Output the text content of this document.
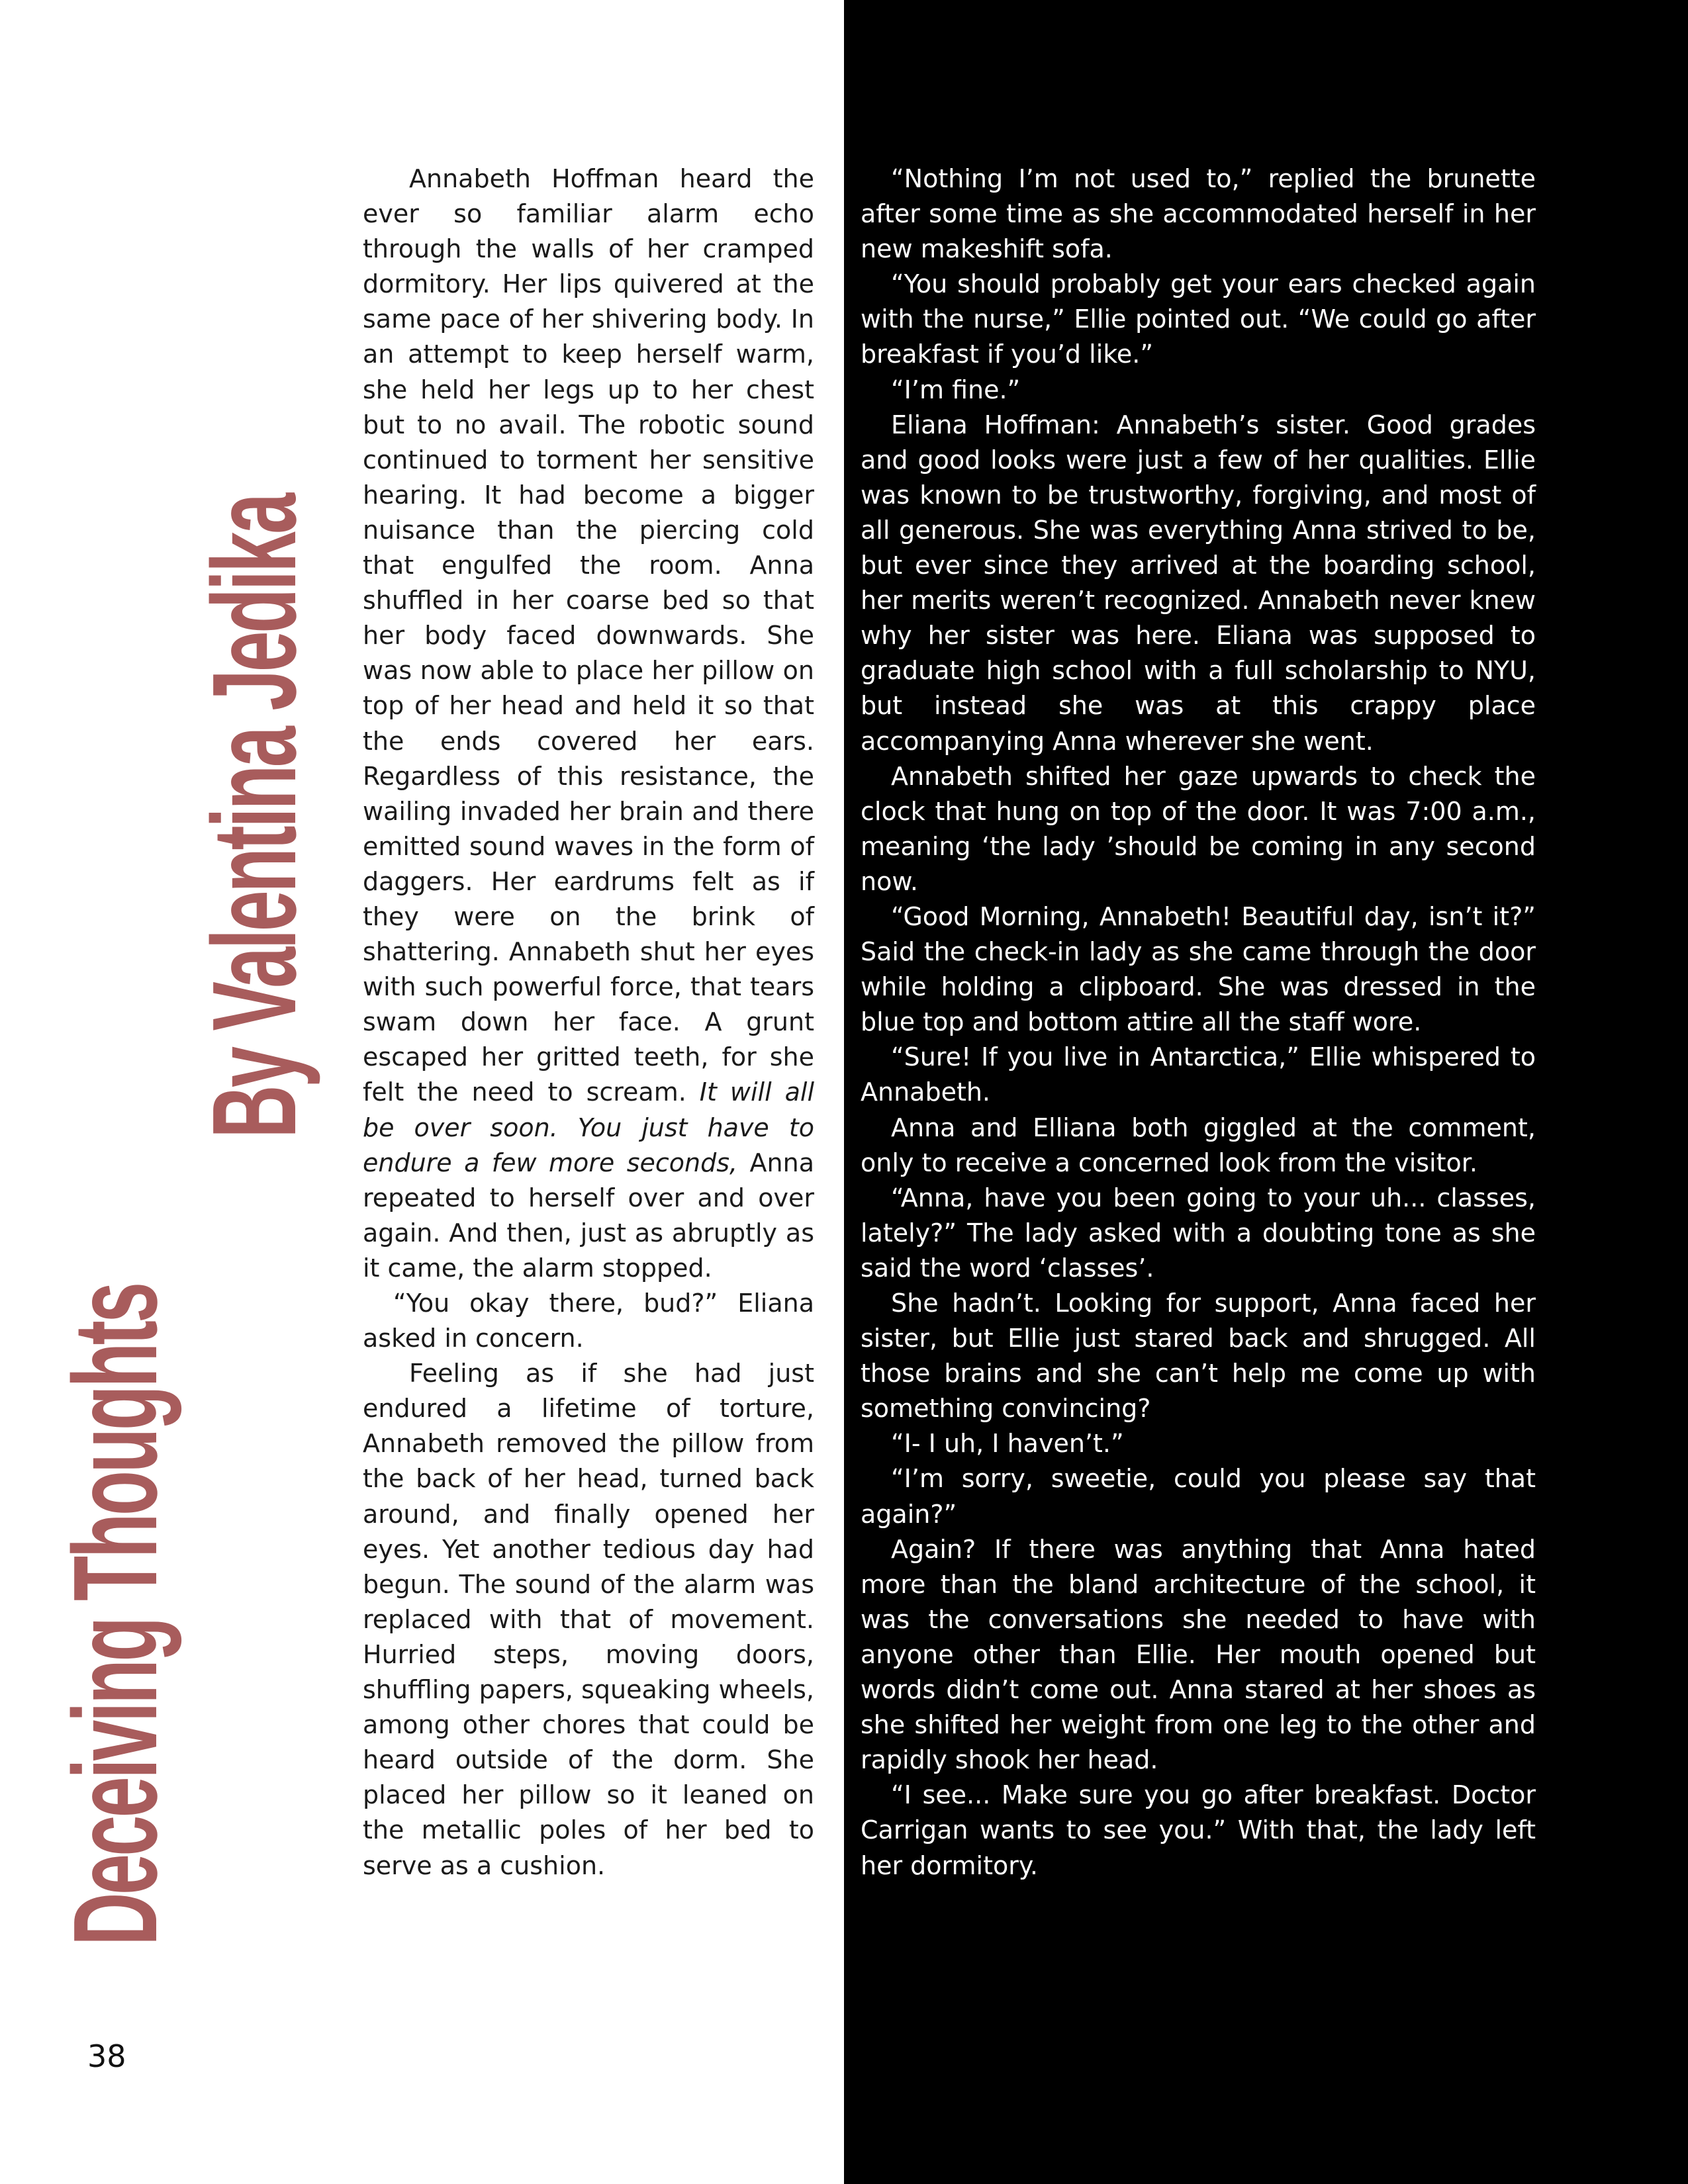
Deceiving Thoughts
By Valentina Jedika

Annabeth Hoffman heard the ever so familiar alarm echo through the walls of her cramped dormitory. Her lips quivered at the same pace of her shivering body. In an attempt to keep herself warm, she held her legs up to her chest but to no avail. The robotic sound continued to torment her sensitive hearing. It had become a bigger nuisance than the piercing cold that engulfed the room. Anna shuffled in her coarse bed so that her body faced downwards. She was now able to place her pillow on top of her head and held it so that the ends covered her ears. Regardless of this resistance, the wailing invaded her brain and there emitted sound waves in the form of daggers. Her eardrums felt as if they were on the brink of shattering. Annabeth shut her eyes with such powerful force, that tears swam down her face. A grunt escaped her gritted teeth, for she felt the need to scream. It will all be over soon. You just have to endure a few more seconds, Anna repeated to herself over and over again. And then, just as abruptly as it came, the alarm stopped.

“You okay there, bud?” Eliana asked in concern.

Feeling as if she had just endured a lifetime of torture, Annabeth removed the pillow from the back of her head, turned back around, and finally opened her eyes. Yet another tedious day had begun. The sound of the alarm was replaced with that of movement. Hurried steps, moving doors, shuffling papers, squeaking wheels, among other chores that could be heard outside of the dorm. She placed her pillow so it leaned on the metallic poles of her bed to serve as a cushion.

“Nothing I’m not used to,” replied the brunette after some time as she accommodated herself in her new makeshift sofa.

“You should probably get your ears checked again with the nurse,” Ellie pointed out. “We could go after breakfast if you’d like.”

“I’m fine.”

Eliana Hoffman: Annabeth’s sister. Good grades and good looks were just a few of her qualities. Ellie was known to be trustworthy, forgiving, and most of all generous. She was everything Anna strived to be, but ever since they arrived at the boarding school, her merits weren’t recognized. Annabeth never knew why her sister was here. Eliana was supposed to graduate high school with a full scholarship to NYU, but instead she was at this crappy place accompanying Anna wherever she went.

Annabeth shifted her gaze upwards to check the clock that hung on top of the door. It was 7:00 a.m., meaning ‘the lady ’should be coming in any second now.

“Good Morning, Annabeth! Beautiful day, isn’t it?” Said the check-in lady as she came through the door while holding a clipboard. She was dressed in the blue top and bottom attire all the staff wore.

“Sure! If you live in Antarctica,” Ellie whispered to Annabeth.

Anna and Elliana both giggled at the comment, only to receive a concerned look from the visitor.

“Anna, have you been going to your uh... classes, lately?” The lady asked with a doubting tone as she said the word ‘classes’.

She hadn’t. Looking for support, Anna faced her sister, but Ellie just stared back and shrugged. All those brains and she can’t help me come up with something convincing?

“I- I uh, I haven’t.”

“I’m sorry, sweetie, could you please say that again?”

Again? If there was anything that Anna hated more than the bland architecture of the school, it was the conversations she needed to have with anyone other than Ellie. Her mouth opened but words didn’t come out. Anna stared at her shoes as she shifted her weight from one leg to the other and rapidly shook her head.

“I see... Make sure you go after breakfast. Doctor Carrigan wants to see you.” With that, the lady left her dormitory.

38
